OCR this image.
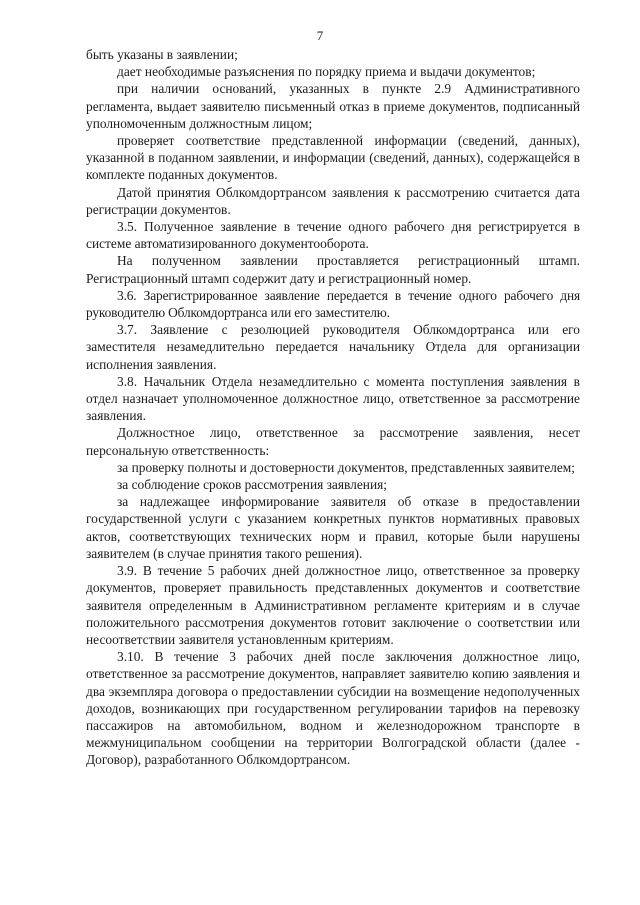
7

быть указаны в заявлении;

дает необходимые разъяснения по порядку приема и выдачи документов;

при наличии оснований, указанных в пункте 2.9 Административного регламента, выдает заявителю письменный отказ в приеме документов, подписанный уполномоченным должностным лицом;

проверяет соответствие представленной информации (сведений, данных), указанной в поданном заявлении, и информации (сведений, данных), содержащейся в комплекте поданных документов.

Датой принятия Облкомдортрансом заявления к рассмотрению считается дата регистрации документов.

3.5. Полученное заявление в течение одного рабочего дня регистрируется в системе автоматизированного документооборота.

На полученном заявлении проставляется регистрационный штамп. Регистрационный штамп содержит дату и регистрационный номер.

3.6. Зарегистрированное заявление передается в течение одного рабочего дня руководителю Облкомдортранса или его заместителю.

3.7. Заявление с резолюцией руководителя Облкомдортранса или его заместителя незамедлительно передается начальнику Отдела для организации исполнения заявления.

3.8. Начальник Отдела незамедлительно с момента поступления заявления в отдел назначает уполномоченное должностное лицо, ответственное за рассмотрение заявления.

Должностное лицо, ответственное за рассмотрение заявления, несет персональную ответственность:

за проверку полноты и достоверности документов, представленных заявителем;

за соблюдение сроков рассмотрения заявления;

за надлежащее информирование заявителя об отказе в предоставлении государственной услуги с указанием конкретных пунктов нормативных правовых актов, соответствующих технических норм и правил, которые были нарушены заявителем (в случае принятия такого решения).

3.9. В течение 5 рабочих дней должностное лицо, ответственное за проверку документов, проверяет правильность представленных документов и соответствие заявителя определенным в Административном регламенте критериям и в случае положительного рассмотрения документов готовит заключение о соответствии или несоответствии заявителя установленным критериям.

3.10. В течение 3 рабочих дней после заключения должностное лицо, ответственное за рассмотрение документов, направляет заявителю копию заявления и два экземпляра договора о предоставлении субсидии на возмещение недополученных доходов, возникающих при государственном регулировании тарифов на перевозку пассажиров на автомобильном, водном и железнодорожном транспорте в межмуниципальном сообщении на территории Волгоградской области (далее - Договор), разработанного Облкомдортрансом.
